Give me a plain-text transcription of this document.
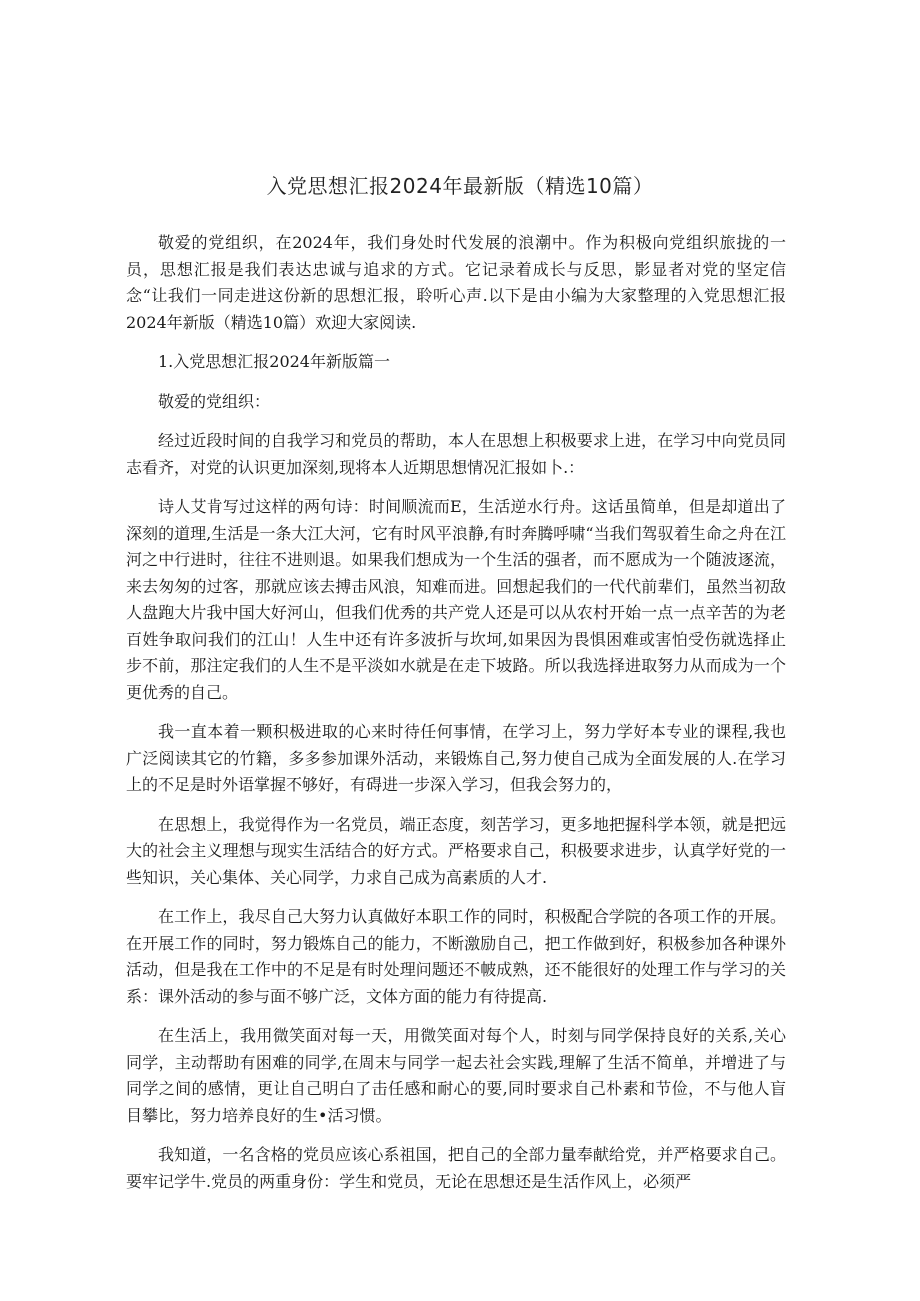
入党思想汇报2024年最新版（精选10篇）

敬爱的党组织，在2024年，我们身处时代发展的浪潮中。作为积极向党组织旅拢的一员，思想汇报是我们表达忠诚与追求的方式。它记录着成长与反思，影显者对党的坚定信念“让我们一同走进这份新的思想汇报，聆听心声.以下是由小编为大家整理的入党思想汇报2024年新版（精选10篇）欢迎大家阅读.

1.入党思想汇报2024年新版篇一

敬爱的党组织：

经过近段时间的自我学习和党员的帮助，本人在思想上积极要求上进，在学习中向党员同志看齐，对党的认识更加深刻,现将本人近期思想情况汇报如卜.：

诗人艾肯写过这样的两句诗：时间顺流而E，生活逆水行舟。这话虽简单，但是却道出了深刻的道理,生活是一条大江大河，它有时风平浪静,有时奔腾呼啸“当我们驾驭着生命之舟在江河之中行进时，往往不进则退。如果我们想成为一个生活的强者，而不愿成为一个随波逐流，来去匆匆的过客，那就应该去搏击风浪，知难而进。回想起我们的一代代前辈们，虽然当初敌人盘跑大片我中国大好河山，但我们优秀的共产党人还是可以从农村开始一点一点辛苦的为老百姓争取问我们的江山！人生中还有许多波折与坎坷,如果因为畏惧困难或害怕受伤就选择止步不前，那注定我们的人生不是平淡如水就是在走下坡路。所以我选择进取努力从而成为一个更优秀的自己。

我一直本着一颗积极进取的心来时待任何事情，在学习上，努力学好本专业的课程,我也广泛阅读其它的竹籍，多多参加课外活动，来锻炼自己,努力使自己成为全面发展的人.在学习上的不足是时外语掌握不够好，有碍进一步深入学习，但我会努力的，

在思想上，我觉得作为一名党员，端正态度，刻苦学习，更多地把握科学本领，就是把远大的社会主义理想与现实生活结合的好方式。严格要求自己，积极要求进步，认真学好党的一些知识，关心集体、关心同学，力求自己成为高素质的人才.

在工作上，我尽自己大努力认真做好本职工作的同时，积极配合学院的各项工作的开展。在开展工作的同时，努力锻炼自己的能力，不断激励自己，把工作做到好，积极参加各种课外活动，但是我在工作中的不足是有时处理问题还不帔成熟，还不能很好的处理工作与学习的关系：课外活动的参与面不够广泛，文体方面的能力有待提高.

在生活上，我用微笑面对每一天，用微笑面对每个人，时刻与同学保持良好的关系,关心同学，主动帮助有困难的同学,在周末与同学一起去社会实践,理解了生活不简单，并增进了与同学之间的感情，更让自己明白了击任感和耐心的要,同时要求自己朴素和节俭，不与他人盲目攀比，努力培养良好的生•活习惯。

我知道，一名含格的党员应该心系祖国，把自己的全部力量奉献给党，并严格要求自己。要牢记学牛.党员的两重身份：学生和党员，无论在思想还是生活作风上，必须严
